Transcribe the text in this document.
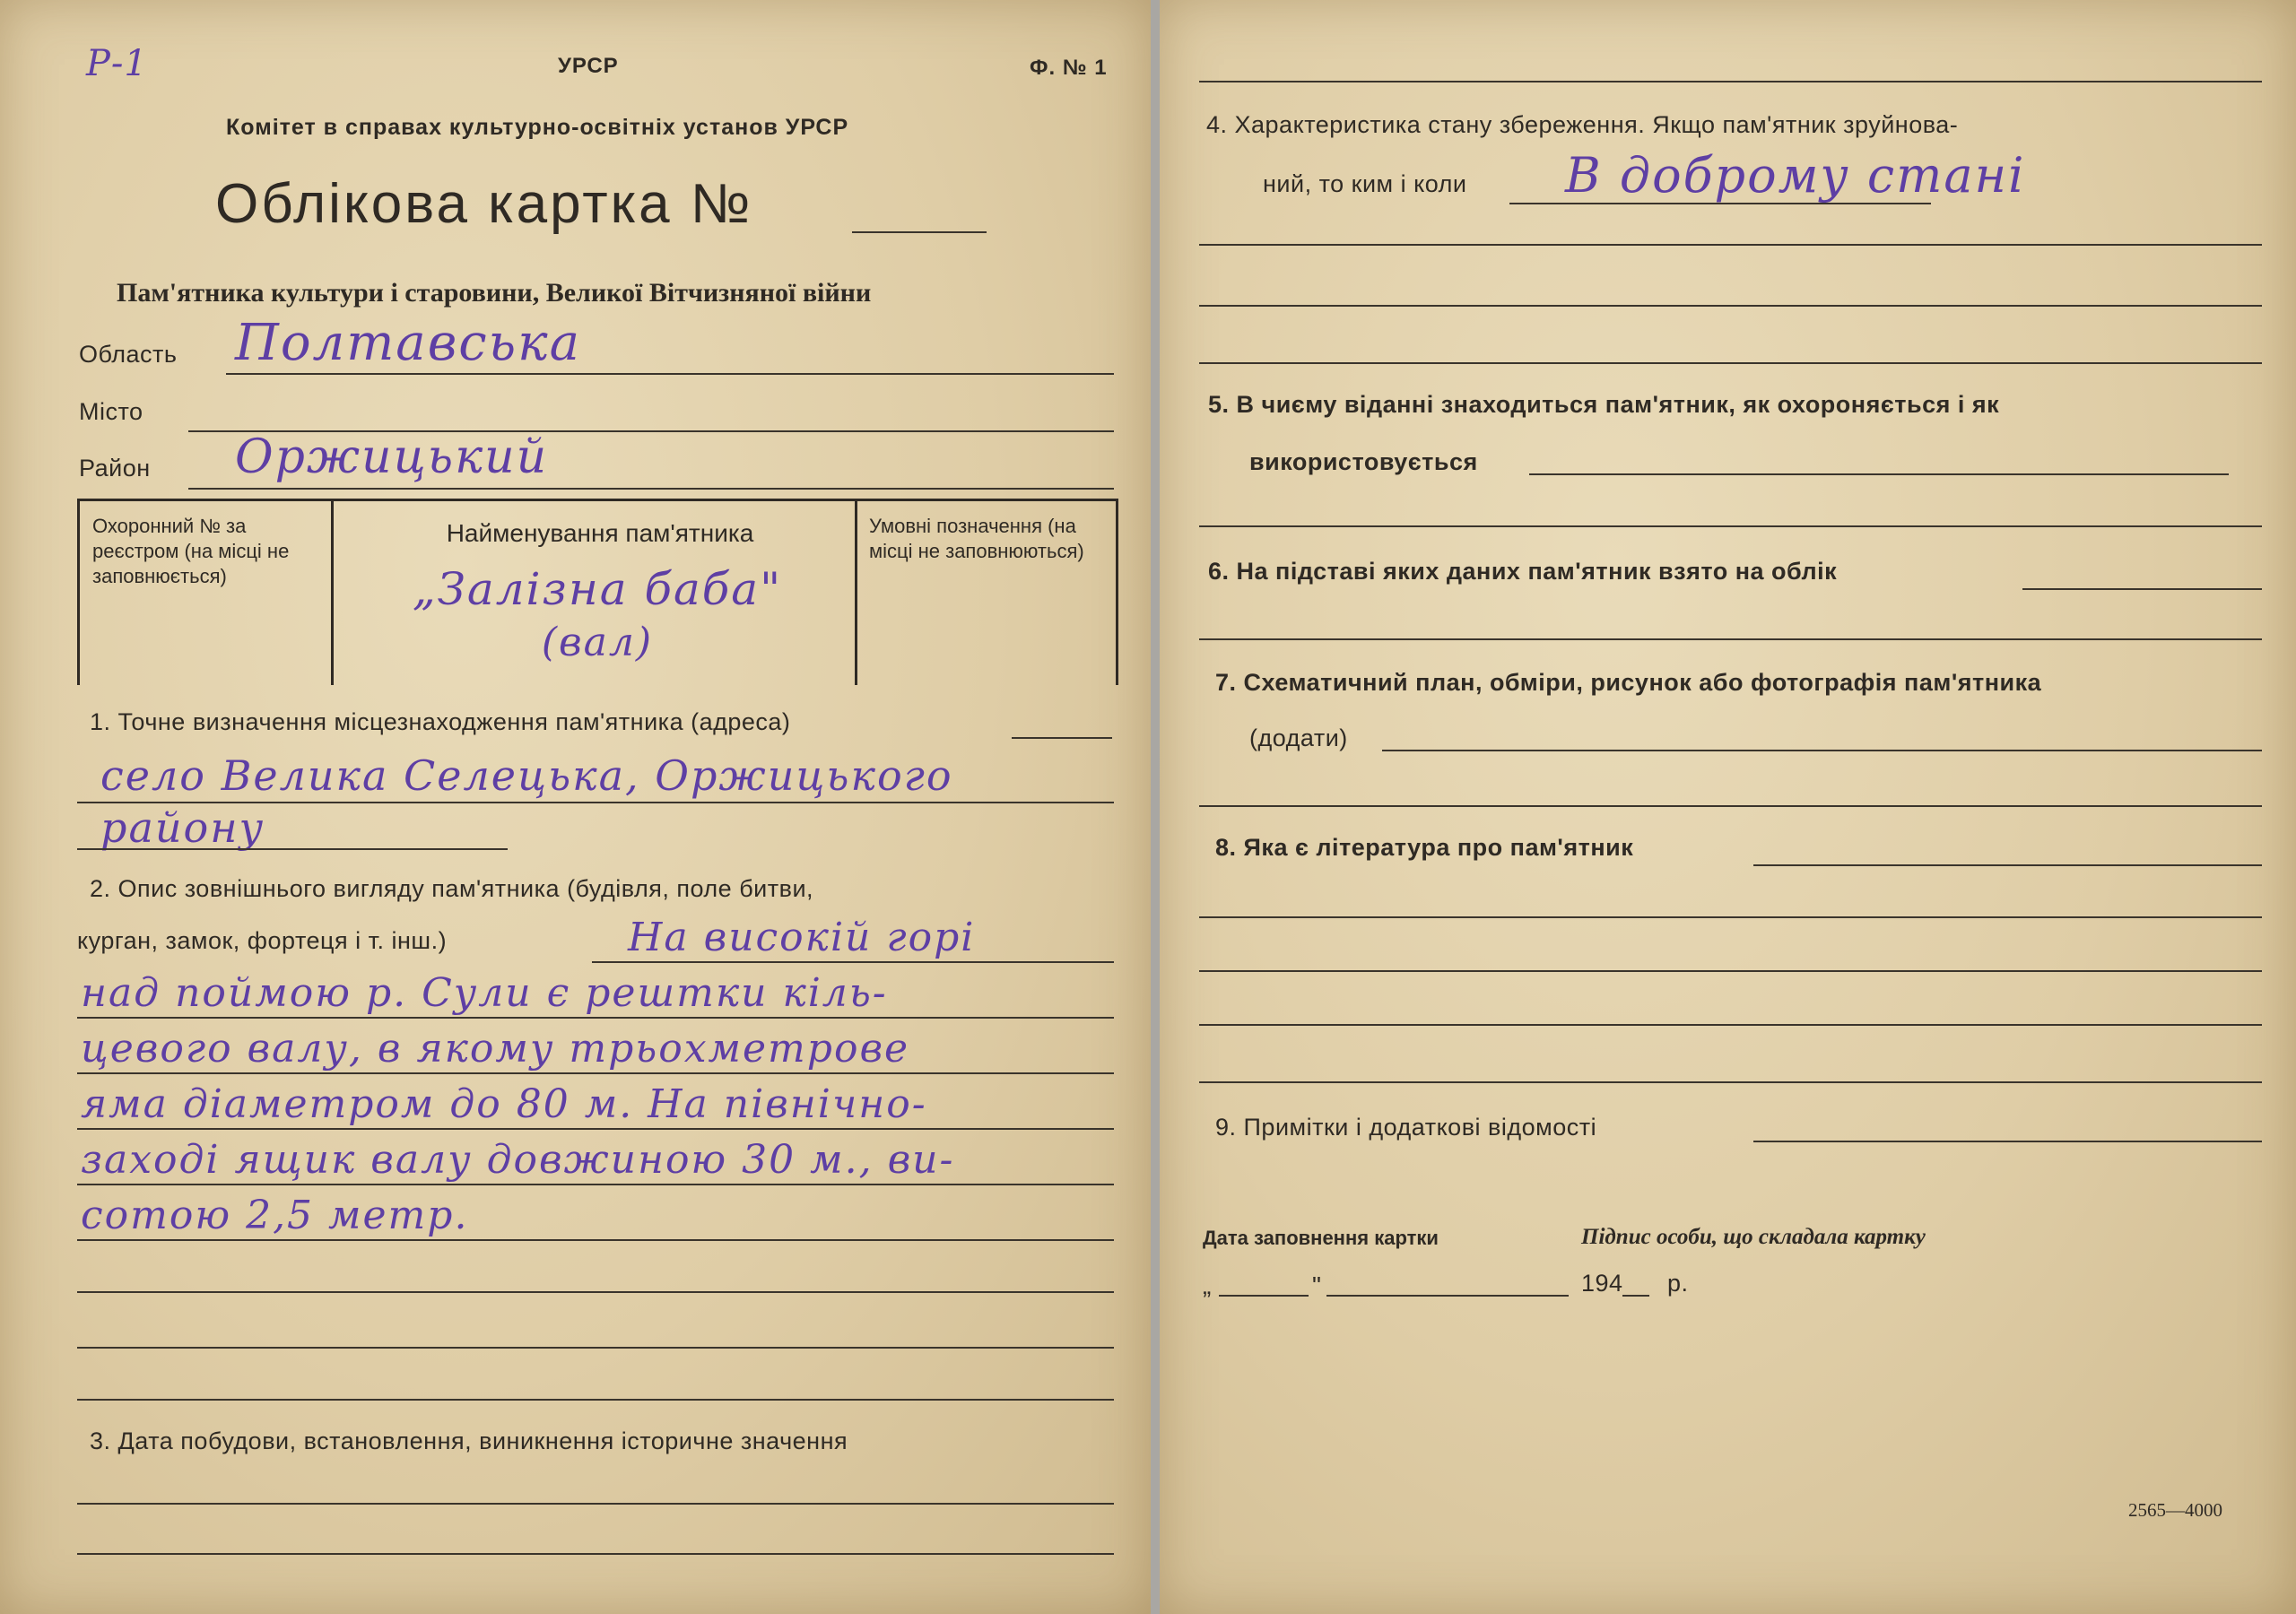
Р-1	УРСР	Ф. № 1
Комітет в справах культурно-освітніх установ УРСР
Облікова картка №
Пам'ятника культури і старовини, Великої Вітчизняної війни
Область Полтавська
Місто
Район Оржицький
Охоронний № за реєстром (на місці не заповнюється)
Найменування пам'ятника
„Залізна баба"
(вал)
Умовні позначення (на місці не заповнюються)
1. Точне визначення місцезнаходження пам'ятника (адреса)
село Велика Селецька, Оржицького
району
2. Опис зовнішнього вигляду пам'ятника (будівля, поле битви,
курган, замок, фортеця і т. інш.)	На високій горі
над поймою р. Сули є рештки кіль-
цевого валу, в якому трьохметрове
яма діаметром до 80 м. На північно-
заході ящик валу довжиною 30 м., ви-
сотою 2,5 метр.
3. Дата побудови, встановлення, виникнення історичне значення
4. Характеристика стану збереження. Якщо пам'ятник зруйнова-
ний, то ким і коли В доброму стані
5. В чиєму віданні знаходиться пам'ятник, як охороняється і як
використовується
6. На підставі яких даних пам'ятник взято на облік
7. Схематичний план, обміри, рисунок або фотографія пам'ятника
(додати)
8. Яка є література про пам'ятник
9. Примітки і додаткові відомості
Дата заповнення картки	Підпис особи, що складала картку
„	"	194 р.
2565—4000
